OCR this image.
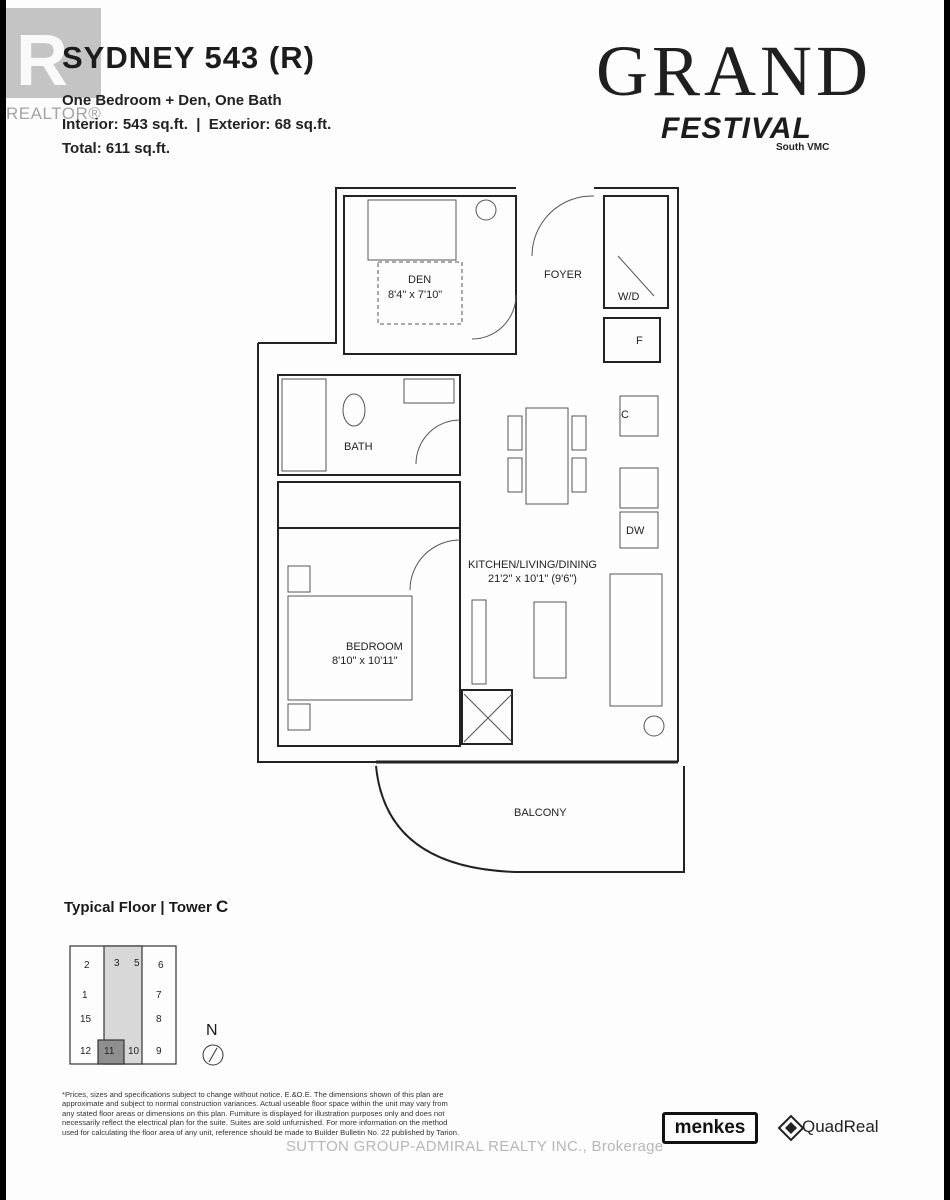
R
REALTOR®
SYDNEY 543 (R)
One Bedroom + Den, One Bath
Interior: 543 sq.ft.  |  Exterior: 68 sq.ft.
Total: 611 sq.ft.
GRAND
FESTIVAL
South VMC
DEN
8'4" x 7'10"
FOYER
W/D
F
BATH
C
DW
KITCHEN/LIVING/DINING
21'2" x 10'1" (9'6")
BEDROOM
8'10" x 10'11"
BALCONY
2 3 5 6
1	7
15	8
12 11 10 9
N
Typical Floor | Tower C
*Prices, sizes and specifications subject to change without notice. E.&O.E. The dimensions shown of this plan are approximate and subject to normal construction variances. Actual useable floor space within the unit may vary from any stated floor areas or dimensions on this plan. Furniture is displayed for illustration purposes only and does not necessarily reflect the electrical plan for the suite. Suites are sold unfurnished. For more information on the method used for calculating the floor area of any unit, reference should be made to Builder Bulletin No. 22 published by Tarion.	menkes	QuadReal
SUTTON GROUP-ADMIRAL REALTY INC., Brokerage
